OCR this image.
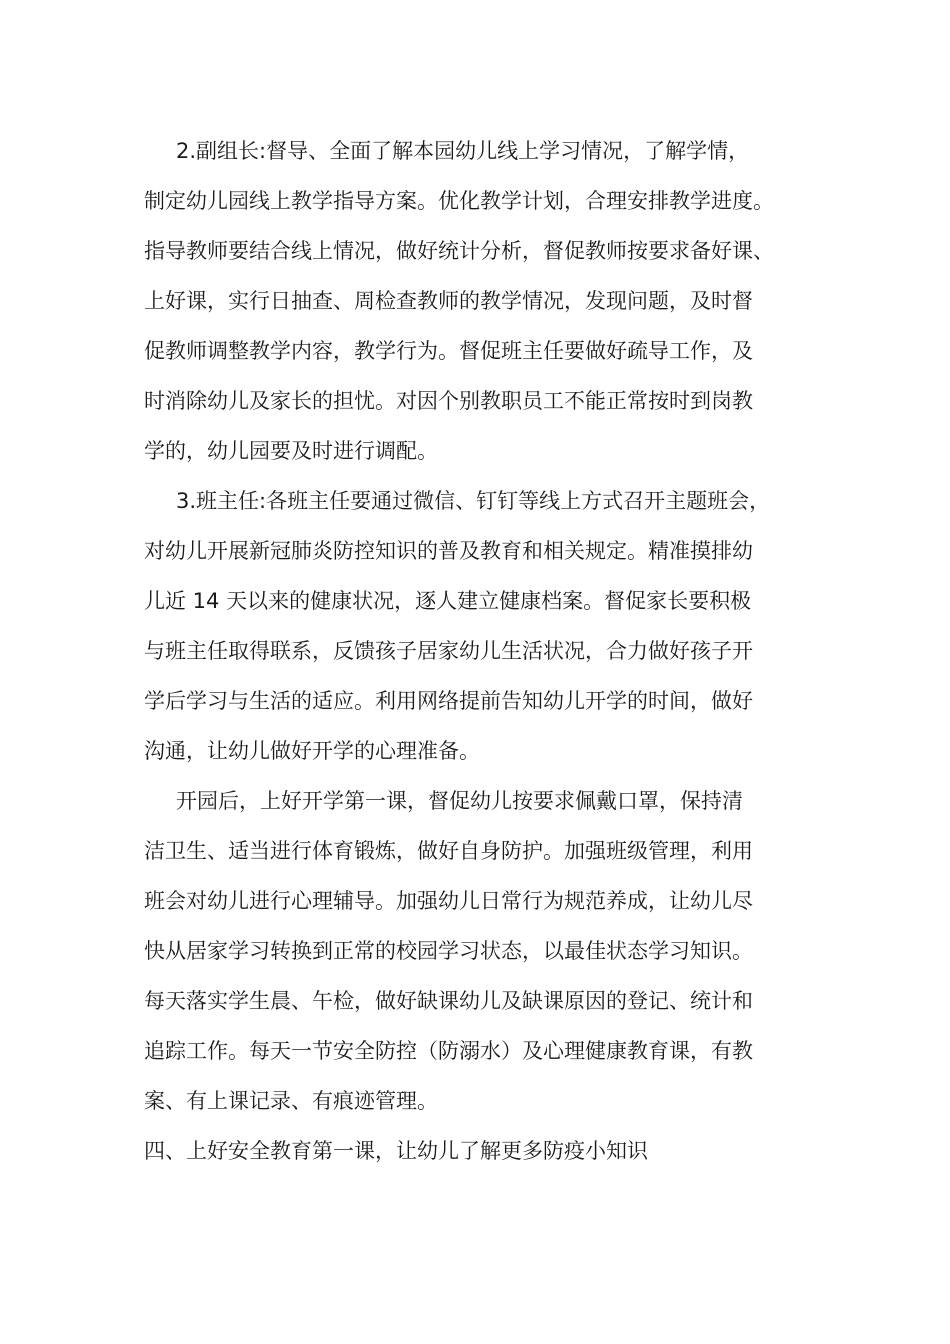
2.副组长:督导、全面了解本园幼儿线上学习情况，了解学情，
制定幼儿园线上教学指导方案。优化教学计划，合理安排教学进度。
指导教师要结合线上情况，做好统计分析，督促教师按要求备好课、
上好课，实行日抽查、周检查教师的教学情况，发现问题，及时督
促教师调整教学内容，教学行为。督促班主任要做好疏导工作，及
时消除幼儿及家长的担忧。对因个别教职员工不能正常按时到岗教
学的，幼儿园要及时进行调配。
3.班主任:各班主任要通过微信、钉钉等线上方式召开主题班会，
对幼儿开展新冠肺炎防控知识的普及教育和相关规定。精准摸排幼
儿近 14 天以来的健康状况，逐人建立健康档案。督促家长要积极
与班主任取得联系，反馈孩子居家幼儿生活状况，合力做好孩子开
学后学习与生活的适应。利用网络提前告知幼儿开学的时间，做好
沟通，让幼儿做好开学的心理准备。
开园后，上好开学第一课，督促幼儿按要求佩戴口罩，保持清
洁卫生、适当进行体育锻炼，做好自身防护。加强班级管理，利用
班会对幼儿进行心理辅导。加强幼儿日常行为规范养成，让幼儿尽
快从居家学习转换到正常的校园学习状态，以最佳状态学习知识。
每天落实学生晨、午检，做好缺课幼儿及缺课原因的登记、统计和
追踪工作。每天一节安全防控（防溺水）及心理健康教育课，有教
案、有上课记录、有痕迹管理。
四、上好安全教育第一课，让幼儿了解更多防疫小知识
